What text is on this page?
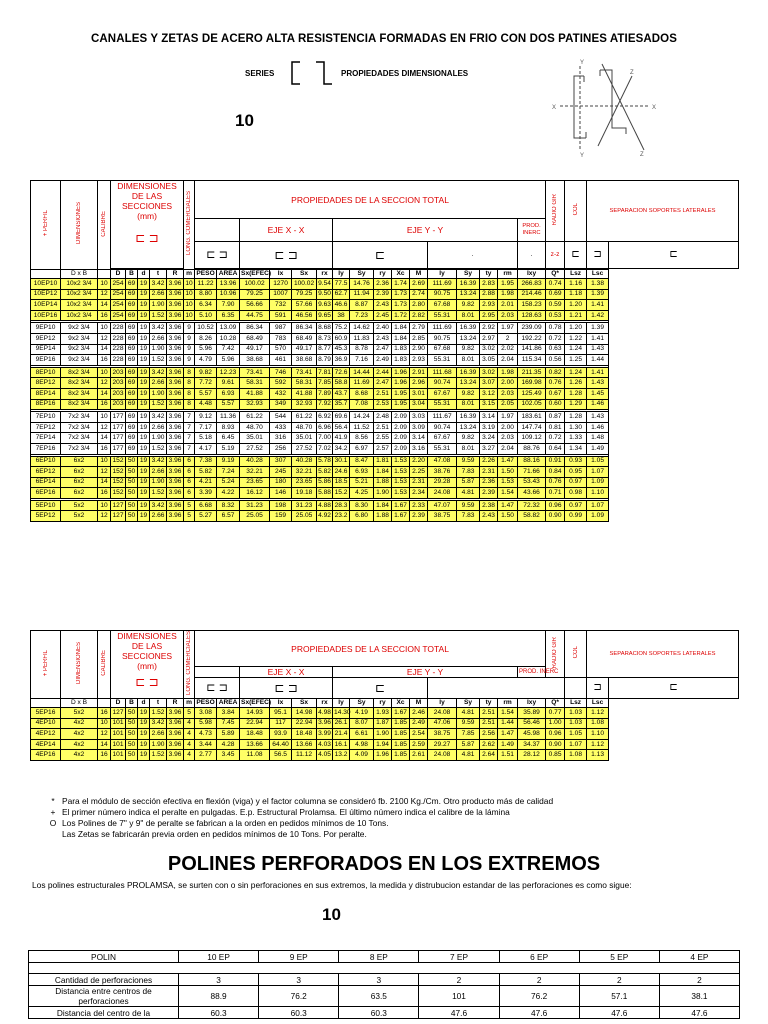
CANALES Y ZETAS DE ACERO ALTA RESISTENCIA FORMADAS EN FRIO CON DOS PATINES ATIESADOS
SERIES	PROPIEDADES DIMENSIONALES
10
X	X
Y
Y
Z
Z
+ PERFIL	DIMENSIONES	CALIBRE	DIMENSIONES DE LAS SECCIONES
(mm)
⊏ ⊐					LONG. COMERCIALES	PROPIEDADES DE LA SECCION TOTAL																RADIO GIR	COL	SEPARACION SOPORTES LATERALES	
											EJE X - X				EJE Y - Y									PROD. INERC				
									⊏ ⊐		⊏ ⊐				⊏					.				.	z-z	⊏	⊐	⊏

	D x B		D	B	d	t	R	m	PESO	AREA	Sx(EFEC)	Ix	Sx	rx	Iy	Sy	ry	Xc	M	Iy	Sy	ty	rm	Ixy	Q*	Lsz	Lsc	
10EP10	10x2 3/4	10	254	69	19	3.42	3.96	10	11.22	13.96	100.02	1270	100.02	9.54	77.5	14.76	2.36	1.74	2.69	111.69	16.39	2.83	1.95	266.83	0.74	1.16	1.38	
10EP12	10x2 3/4	12	254	69	19	2.66	3.96	10	8.80	10.96	79.25	1007	79.25	9.50	62.7	11.94	2.39	1.73	2.74	90.75	13.24	2.88	1.98	214.46	0.69	1.18	1.39	
10EP14	10x2 3/4	14	254	69	19	1.90	3.96	10	6.34	7.90	56.66	732	57.66	9.63	46.6	8.87	2.43	1.73	2.80	67.68	9.82	2.93	2.01	158.23	0.59	1.20	1.41	
10EP16	10x2 3/4	16	254	69	19	1.52	3.96	10	5.10	6.35	44.75	591	46.56	9.65	38	7.23	2.45	1.72	2.82	55.31	8.01	2.95	2.03	128.63	0.53	1.21	1.42	

9EP10	9x2 3/4	10	228	69	19	3.42	3.96	9	10.52	13.09	86.34	987	86.34	8.68	75.2	14.62	2.40	1.84	2.79	111.69	16.39	2.92	1.97	239.09	0.78	1.20	1.39	
9EP12	9x2 3/4	12	228	69	19	2.66	3.96	9	8.26	10.28	68.49	783	68.49	8.73	60.9	11.83	2.43	1.84	2.85	90.75	13.24	2.97	2	192.22	0.72	1.22	1.41	
9EP14	9x2 3/4	14	228	69	19	1.90	3.96	9	5.96	7.42	49.17	570	49.17	8.77	45.3	8.78	2.47	1.83	2.90	67.68	9.82	3.02	2.02	141.86	0.63	1.24	1.43	
9EP16	9x2 3/4	16	228	69	19	1.52	3.96	9	4.79	5.96	38.68	461	38.68	8.79	36.9	7.16	2.49	1.83	2.93	55.31	8.01	3.05	2.04	115.34	0.56	1.25	1.44	

8EP10	8x2 3/4	10	203	69	19	3.42	3.96	8	9.82	12.23	73.41	746	73.41	7.81	72.6	14.44	2.44	1.96	2.91	111.68	16.39	3.02	1.98	211.35	0.82	1.24	1.41	
8EP12	8x2 3/4	12	203	69	19	2.66	3.96	8	7.72	9.61	58.31	592	58.31	7.85	58.8	11.69	2.47	1.96	2.96	90.74	13.24	3.07	2.00	169.98	0.76	1.26	1.43	
8EP14	8x2 3/4	14	203	69	19	1.90	3.96	8	5.57	6.93	41.88	432	41.88	7.89	43.7	8.68	2.51	1.95	3.01	67.67	9.82	3.12	2.03	125.49	0.67	1.28	1.45	
8EP16	8x2 3/4	16	203	69	19	1.52	3.96	8	4.48	5.57	32.93	349	32.93	7.92	35.7	7.08	2.53	1.95	3.04	55.31	8.01	3.15	2.05	102.05	0.60	1.29	1.46	

7EP10	7x2 3/4	10	177	69	19	3.42	3.96	7	9.12	11.36	61.22	544	61.22	6.92	69.6	14.24	2.48	2.09	3.03	111.67	16.39	3.14	1.97	183.61	0.87	1.28	1.43	
7EP12	7x2 3/4	12	177	69	19	2.66	3.96	7	7.17	8.93	48.70	433	48.70	6.96	56.4	11.52	2.51	2.09	3.09	90.74	13.24	3.19	2.00	147.74	0.81	1.30	1.46	
7EP14	7x2 3/4	14	177	69	19	1.90	3.96	7	5.18	6.45	35.01	316	35.01	7.00	41.9	8.56	2.55	2.09	3.14	67.67	9.82	3.24	2.03	109.12	0.72	1.33	1.48	
7EP16	7x2 3/4	16	177	69	19	1.52	3.96	7	4.17	5.19	27.52	256	27.52	7.02	34.2	6.97	2.57	2.09	3.16	55.31	8.01	3.27	2.04	88.76	0.64	1.34	1.49	

6EP10	6x2	10	152	50	19	3.42	3.96	6	7.38	9.19	40.28	307	40.28	5.78	30.1	8.47	1.81	1.53	2.20	47.08	9.59	2.26	1.47	88.16	0.91	0.93	1.05	
6EP12	6x2	12	152	50	19	2.66	3.96	6	5.82	7.24	32.21	245	32.21	5.82	24.6	6.93	1.84	1.53	2.25	38.76	7.83	2.31	1.50	71.66	0.84	0.95	1.07	
6EP14	6x2	14	152	50	19	1.90	3.96	6	4.21	5.24	23.65	180	23.65	5.86	18.5	5.21	1.88	1.53	2.31	29.28	5.87	2.36	1.53	53.43	0.76	0.97	1.09	
6EP16	6x2	16	152	50	19	1.52	3.96	6	3.39	4.22	16.12	146	19.18	5.88	15.2	4.25	1.90	1.53	2.34	24.08	4.81	2.39	1.54	43.66	0.71	0.98	1.10	

5EP10	5x2	10	127	50	19	3.42	3.96	5	6.68	8.32	31.23	198	31.23	4.88	28.3	8.30	1.84	1.67	2.33	47.07	9.59	2.38	1.47	72.32	0.96	0.97	1.07	
5EP12	5x2	12	127	50	19	2.66	3.96	5	5.27	6.57	25.05	159	25.05	4.92	23.2	6.80	1.88	1.67	2.39	38.75	7.83	2.43	1.50	58.82	0.90	0.99	1.09	
+ PERFIL	DIMENSIONES	CALIBRE	DIMENSIONES DE LAS SECCIONES
(mm)
⊏ ⊐					LONG. COMERCIALES	PROPIEDADES DE LA SECCION TOTAL																RADIO GIR	COL	SEPARACION SOPORTES LATERALES	
											EJE X - X				EJE Y - Y									PROD. INERC				
									⊏ ⊐		⊏ ⊐				⊏												⊐	⊏
	D x B		D	B	d	t	R	m	PESO	AREA	Sx(EFEC)	Ix	Sx	rx	Iy	Sy	ry	Xc	M	Iy	Sy	ty	rm	Ixy	Q*	Lsz	Lsc	
5EP16	5x2	16	127	50	19	1.52	3.96	5	3.08	3.84	14.93	95.1	14.98	4.98	14.30	4.19	1.93	1.67	2.46	24.08	4.81	2.51	1.54	35.89	0.77	1.03	1.12	
4EP10	4x2	10	101	50	19	3.42	3.96	4	5.98	7.45	22.94	117	22.94	3.96	26.1	8.07	1.87	1.85	2.49	47.06	9.59	2.51	1.44	56.46	1.00	1.03	1.08	
4EP12	4x2	12	101	50	19	2.66	3.96	4	4.73	5.89	18.48	93.9	18.48	3.99	21.4	6.61	1.90	1.85	2.54	38.75	7.85	2.56	1.47	45.98	0.96	1.05	1.10	
4EP14	4x2	14	101	50	19	1.90	3.96	4	3.44	4.28	13.66	64.40	13.66	4.03	16.1	4.98	1.94	1.85	2.59	29.27	5.87	2.62	1.49	34.37	0.90	1.07	1.12	
4EP16	4x2	16	101	50	19	1.52	3.96	4	2.77	3.45	11.08	56.5	11.12	4.05	13.2	4.09	1.96	1.85	2.61	24.08	4.81	2.64	1.51	28.12	0.85	1.08	1.13	
* Para el módulo de sección efectiva en flexión (viga) y el factor columna se consideró fb. 2100 Kg./Cm. Otro producto más de calidad
+ El primer número indica el peralte en pulgadas. E.p. Estructural Prolamsa. El último número indica el calibre de la lámina
O Los Polines de 7" y 9" de peralte se fabrican a la orden en pedidos mínimos de 10 Tons.
Las Zetas se fabricarán previa orden en pedidos mínimos de 10 Tons. Por peralte.
POLINES PERFORADOS EN LOS EXTREMOS
Los polines estructurales PROLAMSA, se surten con o sin perforaciones en sus extremos, la medida y distrubucion estandar de las perforaciones es como sigue:
10
POLIN	10 EP	9 EP	8 EP	7 EP	6 EP	5 EP	4 EP

Cantidad de perforaciones	3	3	3	2	2	2	2
Distancia entre centros de perforaciones	88.9	76.2	63.5	101	76.2	57.1	38.1
Distancia del centro de la	60.3	60.3	60.3	47.6	47.6	47.6	47.6
